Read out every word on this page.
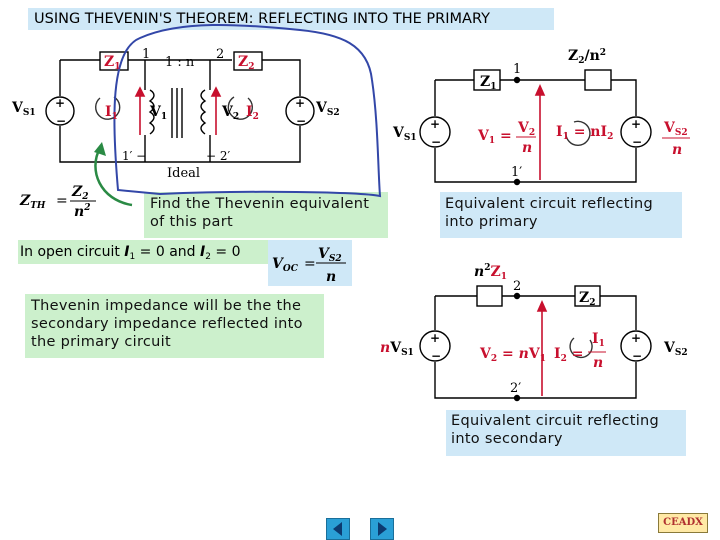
USING THEVENIN'S THEOREM: REFLECTING INTO THE PRIMARY
Find the Thevenin equivalent of this part
Equivalent circuit reflecting into primary
Thevenin impedance will be the the secondary impedance reflected into the primary circuit
Equivalent circuit reflecting into secondary
$Z_1$	$Z_2$
1	2
1 : n
Ideal
1′ −	− 2′
$V_{S1}$	$V_{S2}$
$I_1$	$I_2$
$V_1$	$V_2$
+
−
+
−
$Z_{TH}$ =
$Z_2$
$n^2$
In open circuit $I_1 = 0$ and $I_2 = 0$
$V_{OC}$ =
$V_{S2}$
n
$Z_1$
$Z_2/n^2$
1
1′
$V_{S1}$
+
−
+
−
$V_1 = V_2$
n
$I_1 = nI_2$
$V_{S2}$
n
$n^2Z_1$
$Z_2$
2
2′
$nV_{S1}$
+
−
+
−
$V_2 = nV_1$ $I_2$ =
$I_1$
n
$V_{S2}$
CEADX
